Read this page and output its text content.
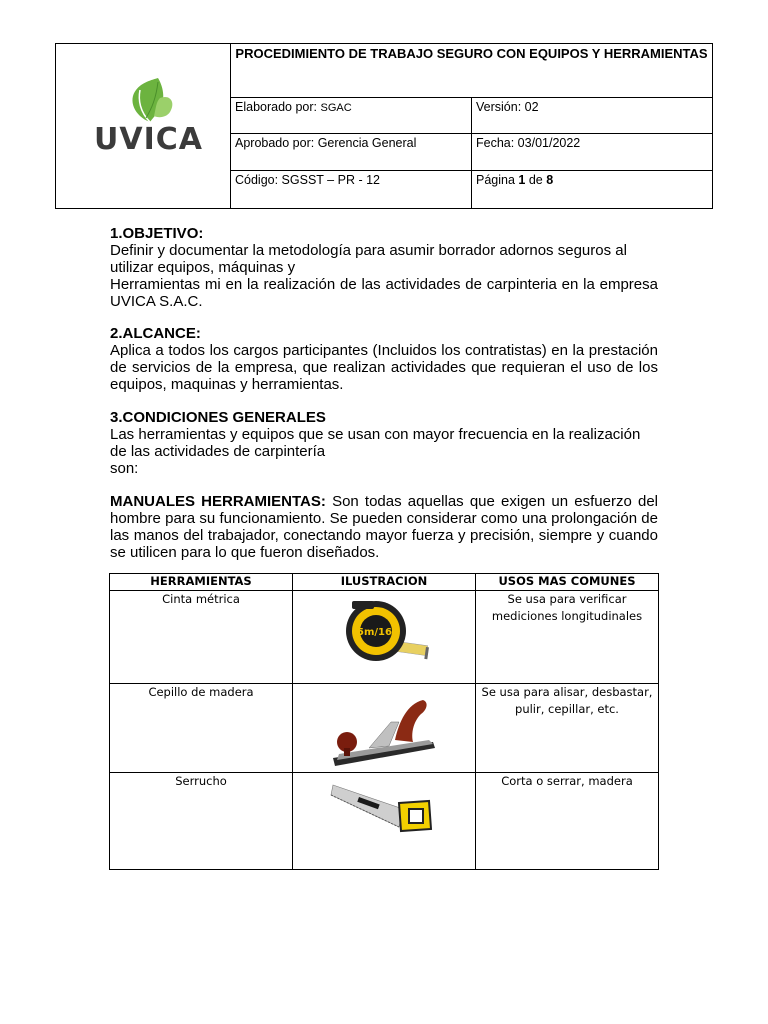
UVICA	PROCEDIMIENTO DE TRABAJO SEGURO CON EQUIPOS Y HERRAMIENTAS	
	Elaborado por: SGAC	Versión: 02
	Aprobado por: Gerencia General	Fecha: 03/01/2022
	Código: SGSST – PR - 12	Página 1 de 8
1.OBJETIVO:

Definir y documentar la metodología para asumir borrador adornos seguros al
utilizar equipos, máquinas y
Herramientas mi en la realización de las actividades de carpinteria en la empresa UVICA S.A.C.

2.ALCANCE:

Aplica a todos los cargos participantes (Incluidos los contratistas) en la prestación de servicios de la empresa, que realizan actividades que requieran el uso de los equipos, maquinas y herramientas.

3.CONDICIONES GENERALES

Las herramientas y equipos que se usan con mayor frecuencia en la realización
de las actividades de carpintería
son:

MANUALES HERRAMIENTAS: Son todas aquellas que exigen un esfuerzo del hombre para su funcionamiento. Se pueden considerar como una prolongación de las manos del trabajador, conectando mayor fuerza y precisión, siempre y cuando se utilicen para lo que fueron diseñados.

HERRAMIENTAS	ILUSTRACION	USOS MAS COMUNES
Cinta métrica	5m/16'	Se usa para verificar mediciones longitudinales
Cepillo de madera		Se usa para alisar, desbastar, pulir, cepillar, etc.
Serrucho		Corta o serrar, madera
